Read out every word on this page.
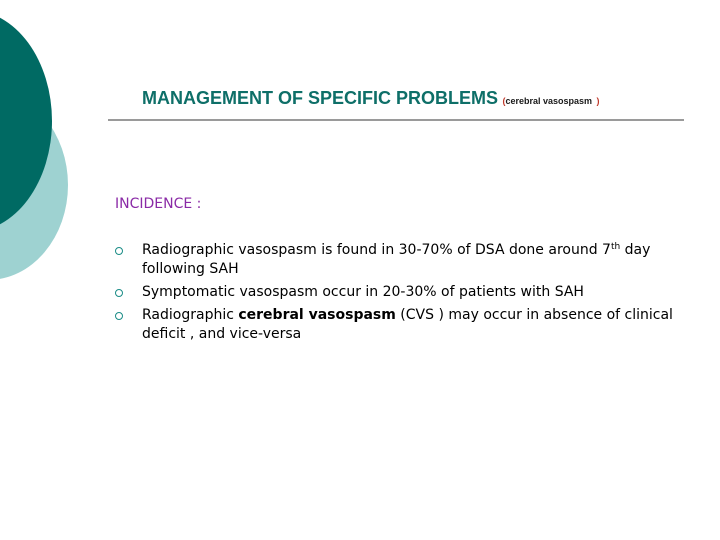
MANAGEMENT OF SPECIFIC PROBLEMS (cerebral vasospasm )
INCIDENCE :
Radiographic vasospasm is found in 30-70% of DSA done around 7th day following SAH
Symptomatic vasospasm occur in 20-30% of patients with SAH
Radiographic cerebral vasospasm (CVS ) may occur in absence of clinical deficit , and vice-versa
